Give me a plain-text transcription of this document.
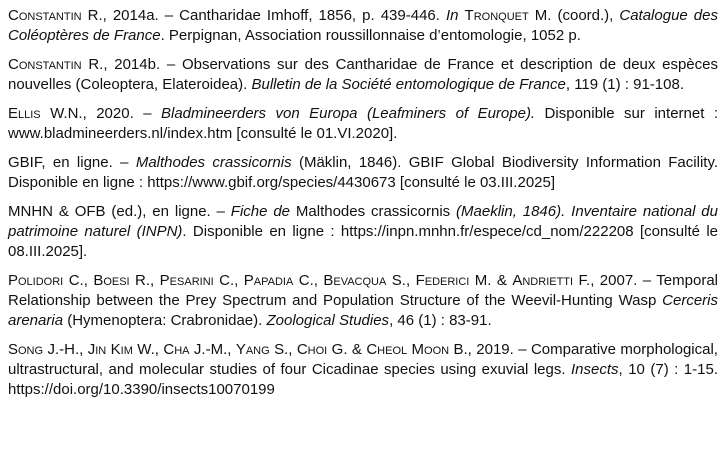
Constantin R., 2014a. – Cantharidae Imhoff, 1856, p. 439-446. In Tronquet M. (coord.), Catalogue des Coléoptères de France. Perpignan, Association roussillonnaise d’entomologie, 1052 p.
Constantin R., 2014b. – Observations sur des Cantharidae de France et description de deux espèces nouvelles (Coleoptera, Elateroidea). Bulletin de la Société entomologique de France, 119 (1) : 91-108.
Ellis W.N., 2020. – Bladmineerders von Europa (Leafminers of Europe). Disponible sur internet : www.bladmineerders.nl/index.htm [consulté le 01.VI.2020].
GBIF, en ligne. – Malthodes crassicornis (Mäklin, 1846). GBIF Global Biodiversity Information Facility. Disponible en ligne : https://www.gbif.org/species/4430673 [consulté le 03.III.2025]
MNHN & OFB (ed.), en ligne. – Fiche de Malthodes crassicornis (Maeklin, 1846). Inventaire national du patrimoine naturel (INPN). Disponible en ligne : https://inpn.mnhn.fr/espece/cd_nom/222208 [consulté le 08.III.2025].
Polidori C., Boesi R., Pesarini C., Papadia C., Bevacqua S., Federici M. & Andrietti F., 2007. – Temporal Relationship between the Prey Spectrum and Population Structure of the Weevil-Hunting Wasp Cerceris arenaria (Hymenoptera: Crabronidae). Zoological Studies, 46 (1) : 83-91.
Song J.-H., Jin Kim W., Cha J.-M., Yang S., Choi G. & Cheol Moon B., 2019. – Comparative morphological, ultrastructural, and molecular studies of four Cicadinae species using exuvial legs. Insects, 10 (7) : 1-15. https://doi.org/10.3390/insects10070199
